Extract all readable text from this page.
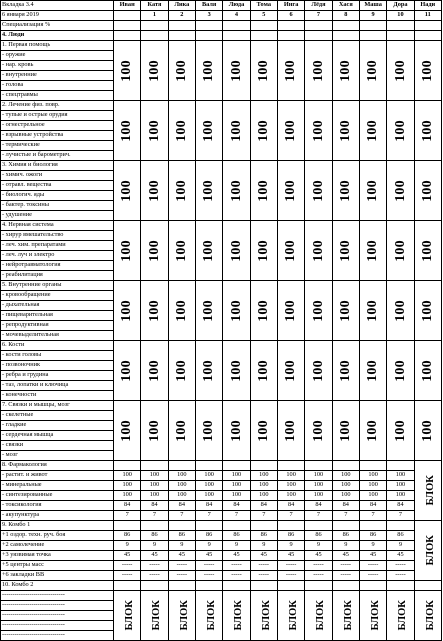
Вкладка 3.4	Иван	Катя	Лика	Валя	Люда	Тома	Инга	Лёдя	Хася	Маша	Дора	Нади
6 января 2019		1	2	3	4	5	6	7	8	9	10	11
Специализация %												
4. Люди												
1. Первая помощь	100	100	100	100	100	100	100	100	100	100	100	100
- оружие												
- нар. кровь												
- внутренние												
- голова												
- спецтравмы												
2. Лечение физ. повр.	100	100	100	100	100	100	100	100	100	100	100	100
- тупые и острые орудия												
- огнестрельное												
- взрывные устройства												
- термические												
- лучистые и барометрич.												
3. Химия и биология	100	100	100	100	100	100	100	100	100	100	100	100
- химич. ожоги												
- отравл. вещества												
- биологич. яды												
- бактер. токсины												
- удушение												
4. Нервная система	100	100	100	100	100	100	100	100	100	100	100	100
- хирур вмешательство												
- леч. хим. препаратами												
- леч. луч и электро												
- нейротравматология												
- реабилитация												
5. Внутренние органы	100	100	100	100	100	100	100	100	100	100	100	100
- кровообращение												
- дыхательная												
- пищеварительная												
- репродуктивная												
- мочевыделительная												
6. Кости	100	100	100	100	100	100	100	100	100	100	100	100
- кости головы												
- позвоночник												
- ребра и грудина												
- таз, лопатки и ключица												
- конечности												
7. Связки и мышцы, мозг	100	100	100	100	100	100	100	100	100	100	100	100
- скелетные												
- гладкие												
- сердечная мышца												
- связки												
- мозг												
8. Фармакология												БЛОК
- растит. и живот	100	100	100	100	100	100	100	100	100	100	100	
- минеральные	100	100	100	100	100	100	100	100	100	100	100	
- синтезированные	100	100	100	100	100	100	100	100	100	100	100	
- токсикология	84	84	84	84	84	84	84	84	84	84	84	
- акупунктура	7	7	7	7	7	7	7	7	7	7	7	
9. Комбо 1												БЛОК
+1 оздор. техн. руч. боя	86	86	86	86	86	86	86	86	86	86	86	
+2 самолечение	9	9	9	9	9	9	9	9	9	9	9	
+3 уязвимая точка	45	45	45	45	45	45	45	45	45	45	45	
+5 центры масс	-----	-----	-----	-----	-----	-----	-----	-----	-----	-----	-----	
+6 закладки ВВ	-----	-----	-----	-----	-----	-----	-----	-----	-----	-----	-----	
10. Комбо 2												
------------------------------	БЛОК	БЛОК	БЛОК	БЛОК	БЛОК	БЛОК	БЛОК	БЛОК	БЛОК	БЛОК	БЛОК	БЛОК
------------------------------												
------------------------------												
------------------------------												
------------------------------												
